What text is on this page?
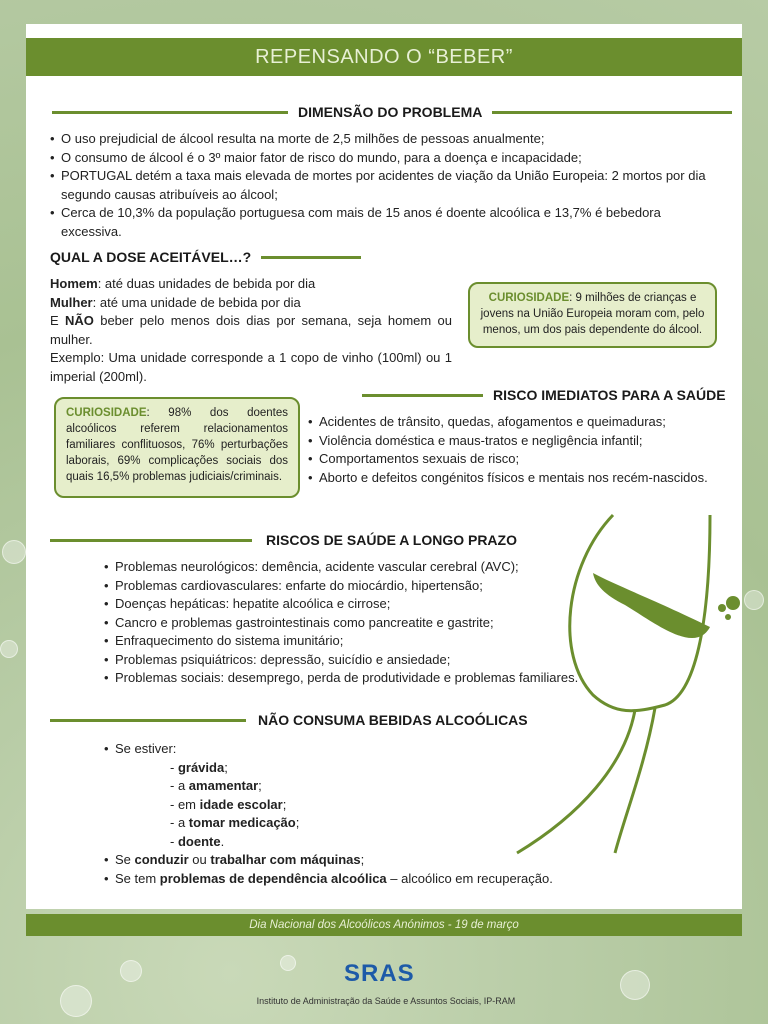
REPENSANDO O “BEBER”
DIMENSÃO DO PROBLEMA
• O uso prejudicial de álcool resulta na morte de 2,5 milhões de pessoas anualmente;
• O consumo de álcool é o 3º maior fator de risco do mundo, para a doença e incapacidade;
• PORTUGAL detém a taxa mais elevada de mortes por acidentes de viação da União Europeia: 2 mortos por dia segundo causas atribuíveis ao álcool;
• Cerca de 10,3% da população portuguesa com mais de 15 anos é doente alcoólica e 13,7% é bebedora excessiva.
QUAL A DOSE ACEITÁVEL…?

Homem: até duas unidades de bebida por dia

Mulher: até uma unidade de bebida por dia

E NÃO beber pelo menos dois dias por semana, seja homem ou mulher.

Exemplo: Uma unidade corresponde a 1 copo de vinho (100ml) ou 1 imperial (200ml).

CURIOSIDADE: 9 milhões de crianças e jovens na União Europeia moram com, pelo menos, um dos pais dependente do álcool.
RISCO IMEDIATOS PARA A SAÚDE
CURIOSIDADE: 98% dos doentes alcoólicos referem relacionamentos familiares conflituosos, 76% perturbações laborais, 69% complicações sociais dos quais 16,5% problemas judiciais/criminais.
• Acidentes de trânsito, quedas, afogamentos e queimaduras;
• Violência doméstica e maus-tratos e negligência infantil;
• Comportamentos sexuais de risco;
• Aborto e defeitos congénitos físicos e mentais nos recém-nascidos.
RISCOS DE SAÚDE A LONGO PRAZO
• Problemas neurológicos: demência, acidente vascular cerebral (AVC);
• Problemas cardiovasculares: enfarte do miocárdio, hipertensão;
• Doenças hepáticas: hepatite alcoólica e cirrose;
• Cancro e problemas gastrointestinais como pancreatite e gastrite;
• Enfraquecimento do sistema imunitário;
• Problemas psiquiátricos: depressão, suicídio e ansiedade;
• Problemas sociais: desemprego, perda de produtividade e problemas familiares.
NÃO CONSUMA BEBIDAS ALCOÓLICAS
• Se estiver:

- grávida;

- a amamentar;

- em idade escolar;

- a tomar medicação;

- doente.

• Se conduzir ou trabalhar com máquinas;
• Se tem problemas de dependência alcoólica – alcoólico em recuperação.
Dia Nacional dos Alcoólicos Anónimos - 19 de março
SRAS
Instituto de Administração da Saúde e Assuntos Sociais, IP-RAM
